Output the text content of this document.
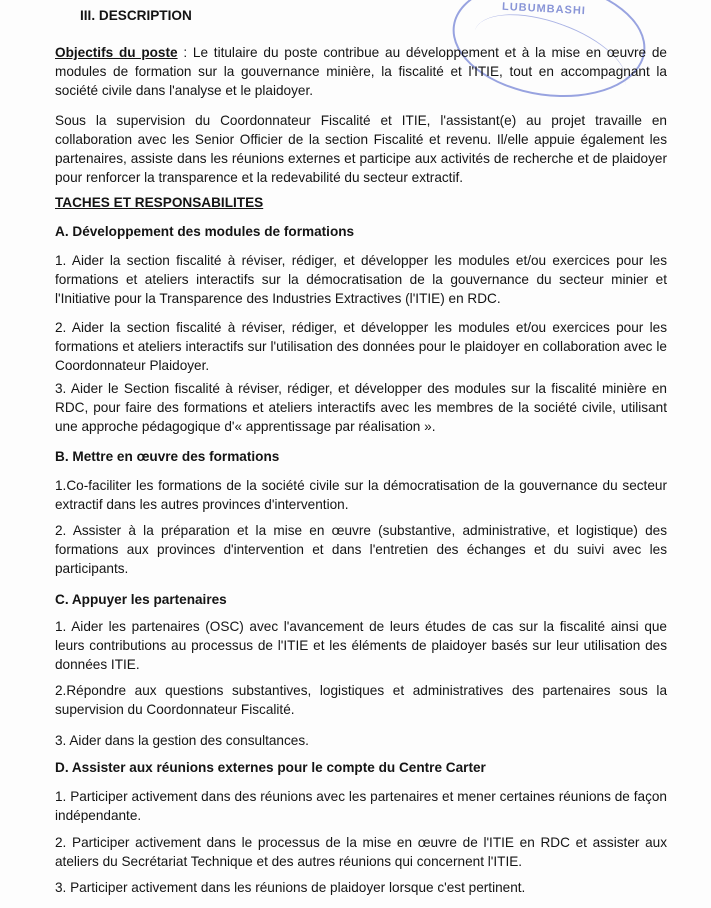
LUBUMBASHI

III. DESCRIPTION

Objectifs du poste : Le titulaire du poste contribue au développement et à la mise en œuvre de modules de formation sur la gouvernance minière, la fiscalité et l'ITIE, tout en accompagnant la société civile dans l'analyse et le plaidoyer.

Sous la supervision du Coordonnateur Fiscalité et ITIE, l'assistant(e) au projet travaille en collaboration avec les Senior Officier de la section Fiscalité et revenu. Il/elle appuie également les partenaires, assiste dans les réunions externes et participe aux activités de recherche et de plaidoyer pour renforcer la transparence et la redevabilité du secteur extractif.

TACHES ET RESPONSABILITES

A. Développement des modules de formations

1. Aider la section fiscalité à réviser, rédiger, et développer les modules et/ou exercices pour les formations et ateliers interactifs sur la démocratisation de la gouvernance du secteur minier et l'Initiative pour la Transparence des Industries Extractives (l'ITIE) en RDC.

2. Aider la section fiscalité à réviser, rédiger, et développer les modules et/ou exercices pour les formations et ateliers interactifs sur l'utilisation des données pour le plaidoyer en collaboration avec le Coordonnateur Plaidoyer.

3. Aider le Section fiscalité à réviser, rédiger, et développer des modules sur la fiscalité minière en RDC, pour faire des formations et ateliers interactifs avec les membres de la société civile, utilisant une approche pédagogique d'« apprentissage par réalisation ».

B. Mettre en œuvre des formations

1.Co-faciliter les formations de la société civile sur la démocratisation de la gouvernance du secteur extractif dans les autres provinces d'intervention.

2. Assister à la préparation et la mise en œuvre (substantive, administrative, et logistique) des formations aux provinces d'intervention et dans l'entretien des échanges et du suivi avec les participants.

C. Appuyer les partenaires

1. Aider les partenaires (OSC) avec l'avancement de leurs études de cas sur la fiscalité ainsi que leurs contributions au processus de l'ITIE et les éléments de plaidoyer basés sur leur utilisation des données ITIE.

2.Répondre aux questions substantives, logistiques et administratives des partenaires sous la supervision du Coordonnateur Fiscalité.

3. Aider dans la gestion des consultances.

D. Assister aux réunions externes pour le compte du Centre Carter

1. Participer activement dans des réunions avec les partenaires et mener certaines réunions de façon indépendante.

2. Participer activement dans le processus de la mise en œuvre de l'ITIE en RDC et assister aux ateliers du Secrétariat Technique et des autres réunions qui concernent l'ITIE.

3. Participer activement dans les réunions de plaidoyer lorsque c'est pertinent.
